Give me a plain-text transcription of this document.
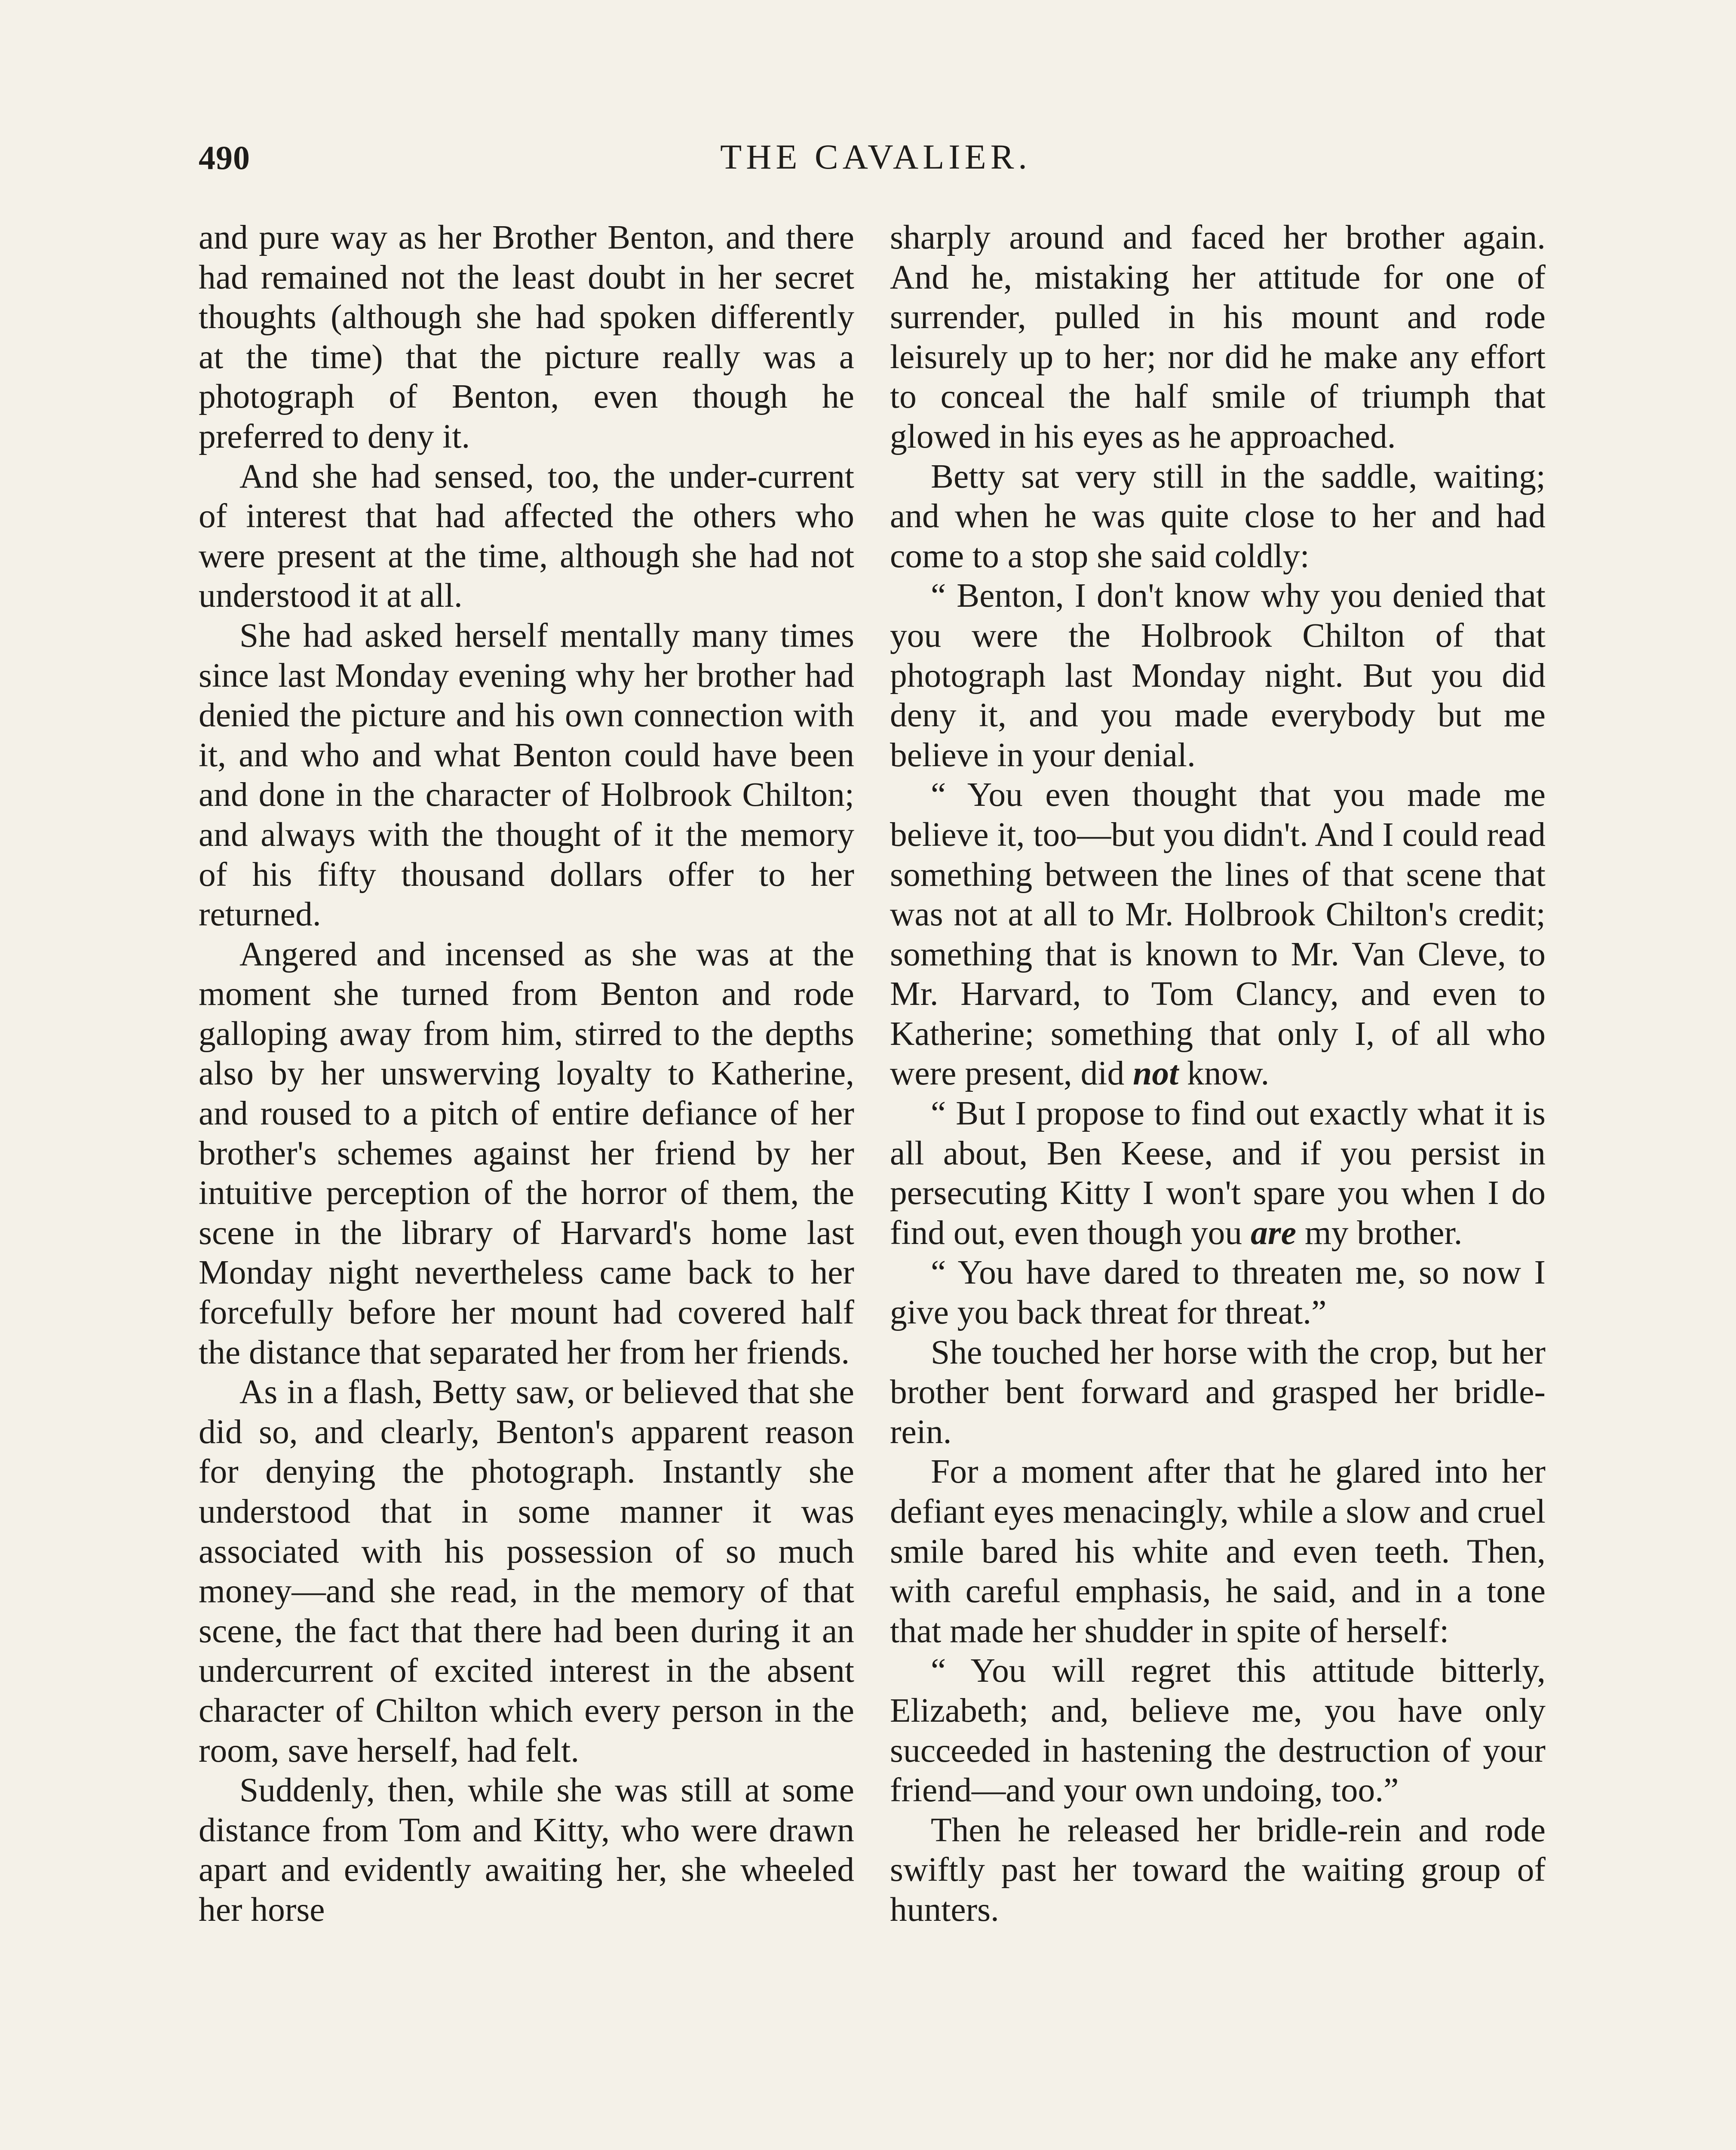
490	THE CAVALIER.

and pure way as her Brother Benton, and there had remained not the least doubt in her secret thoughts (although she had spoken differently at the time) that the picture really was a photograph of Benton, even though he preferred to deny it.

And she had sensed, too, the under-current of interest that had affected the others who were present at the time, although she had not understood it at all.

She had asked herself mentally many times since last Monday evening why her brother had denied the picture and his own connection with it, and who and what Benton could have been and done in the character of Holbrook Chilton; and always with the thought of it the memory of his fifty thousand dollars offer to her returned.

Angered and incensed as she was at the moment she turned from Benton and rode galloping away from him, stirred to the depths also by her unswerving loyalty to Katherine, and roused to a pitch of entire defiance of her brother's schemes against her friend by her intuitive perception of the horror of them, the scene in the library of Harvard's home last Monday night nevertheless came back to her forcefully before her mount had covered half the distance that separated her from her friends.

As in a flash, Betty saw, or believed that she did so, and clearly, Benton's apparent reason for denying the photograph. Instantly she understood that in some manner it was associated with his possession of so much money—and she read, in the memory of that scene, the fact that there had been during it an undercurrent of excited interest in the absent character of Chilton which every person in the room, save herself, had felt.

Suddenly, then, while she was still at some distance from Tom and Kitty, who were drawn apart and evidently awaiting her, she wheeled her horse

sharply around and faced her brother again. And he, mistaking her attitude for one of surrender, pulled in his mount and rode leisurely up to her; nor did he make any effort to conceal the half smile of triumph that glowed in his eyes as he approached.

Betty sat very still in the saddle, waiting; and when he was quite close to her and had come to a stop she said coldly:

“ Benton, I don't know why you denied that you were the Holbrook Chilton of that photograph last Monday night. But you did deny it, and you made everybody but me believe in your denial.

“ You even thought that you made me believe it, too—but you didn't. And I could read something between the lines of that scene that was not at all to Mr. Holbrook Chilton's credit; something that is known to Mr. Van Cleve, to Mr. Harvard, to Tom Clancy, and even to Katherine; something that only I, of all who were present, did not know.

“ But I propose to find out exactly what it is all about, Ben Keese, and if you persist in persecuting Kitty I won't spare you when I do find out, even though you are my brother.

“ You have dared to threaten me, so now I give you back threat for threat.”

She touched her horse with the crop, but her brother bent forward and grasped her bridle-rein.

For a moment after that he glared into her defiant eyes menacingly, while a slow and cruel smile bared his white and even teeth. Then, with careful emphasis, he said, and in a tone that made her shudder in spite of herself:

“ You will regret this attitude bitterly, Elizabeth; and, believe me, you have only succeeded in hastening the destruction of your friend—and your own undoing, too.”

Then he released her bridle-rein and rode swiftly past her toward the waiting group of hunters.
